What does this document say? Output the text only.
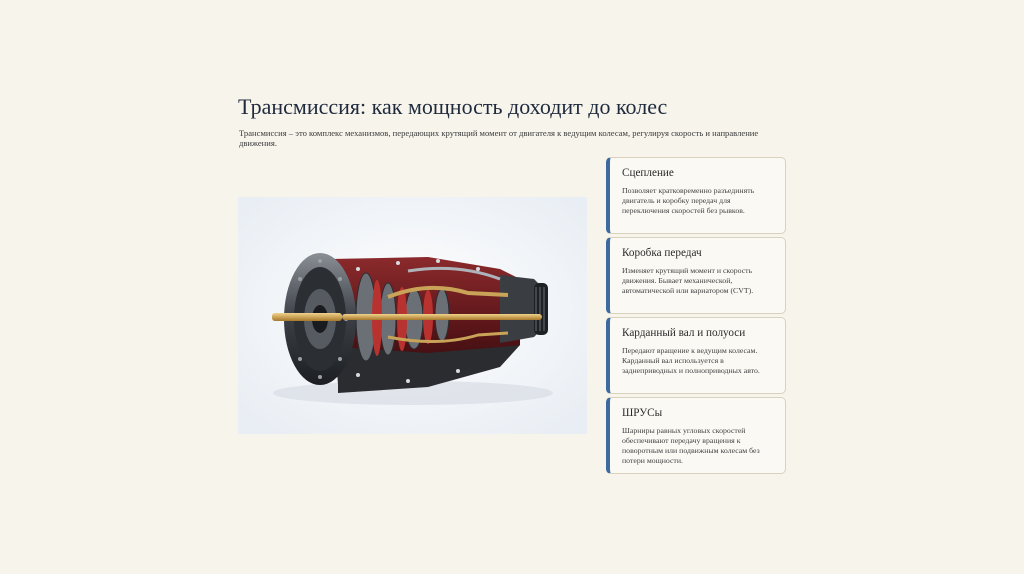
Трансмиссия: как мощность доходит до колес

Трансмиссия – это комплекс механизмов, передающих крутящий момент от двигателя к ведущим колесам, регулируя скорость и направление движения.

Сцепление

Позволяет кратковременно разъединять двигатель и коробку передач для переключения скоростей без рывков.

Коробка передач

Изменяет крутящий момент и скорость движения. Бывает механической, автоматической или вариатором (CVT).

Карданный вал и полуоси

Передают вращение к ведущим колесам. Карданный вал используется в заднеприводных и полноприводных авто.

ШРУСы

Шарниры равных угловых скоростей обеспечивают передачу вращения к поворотным или подвижным колесам без потери мощности.
